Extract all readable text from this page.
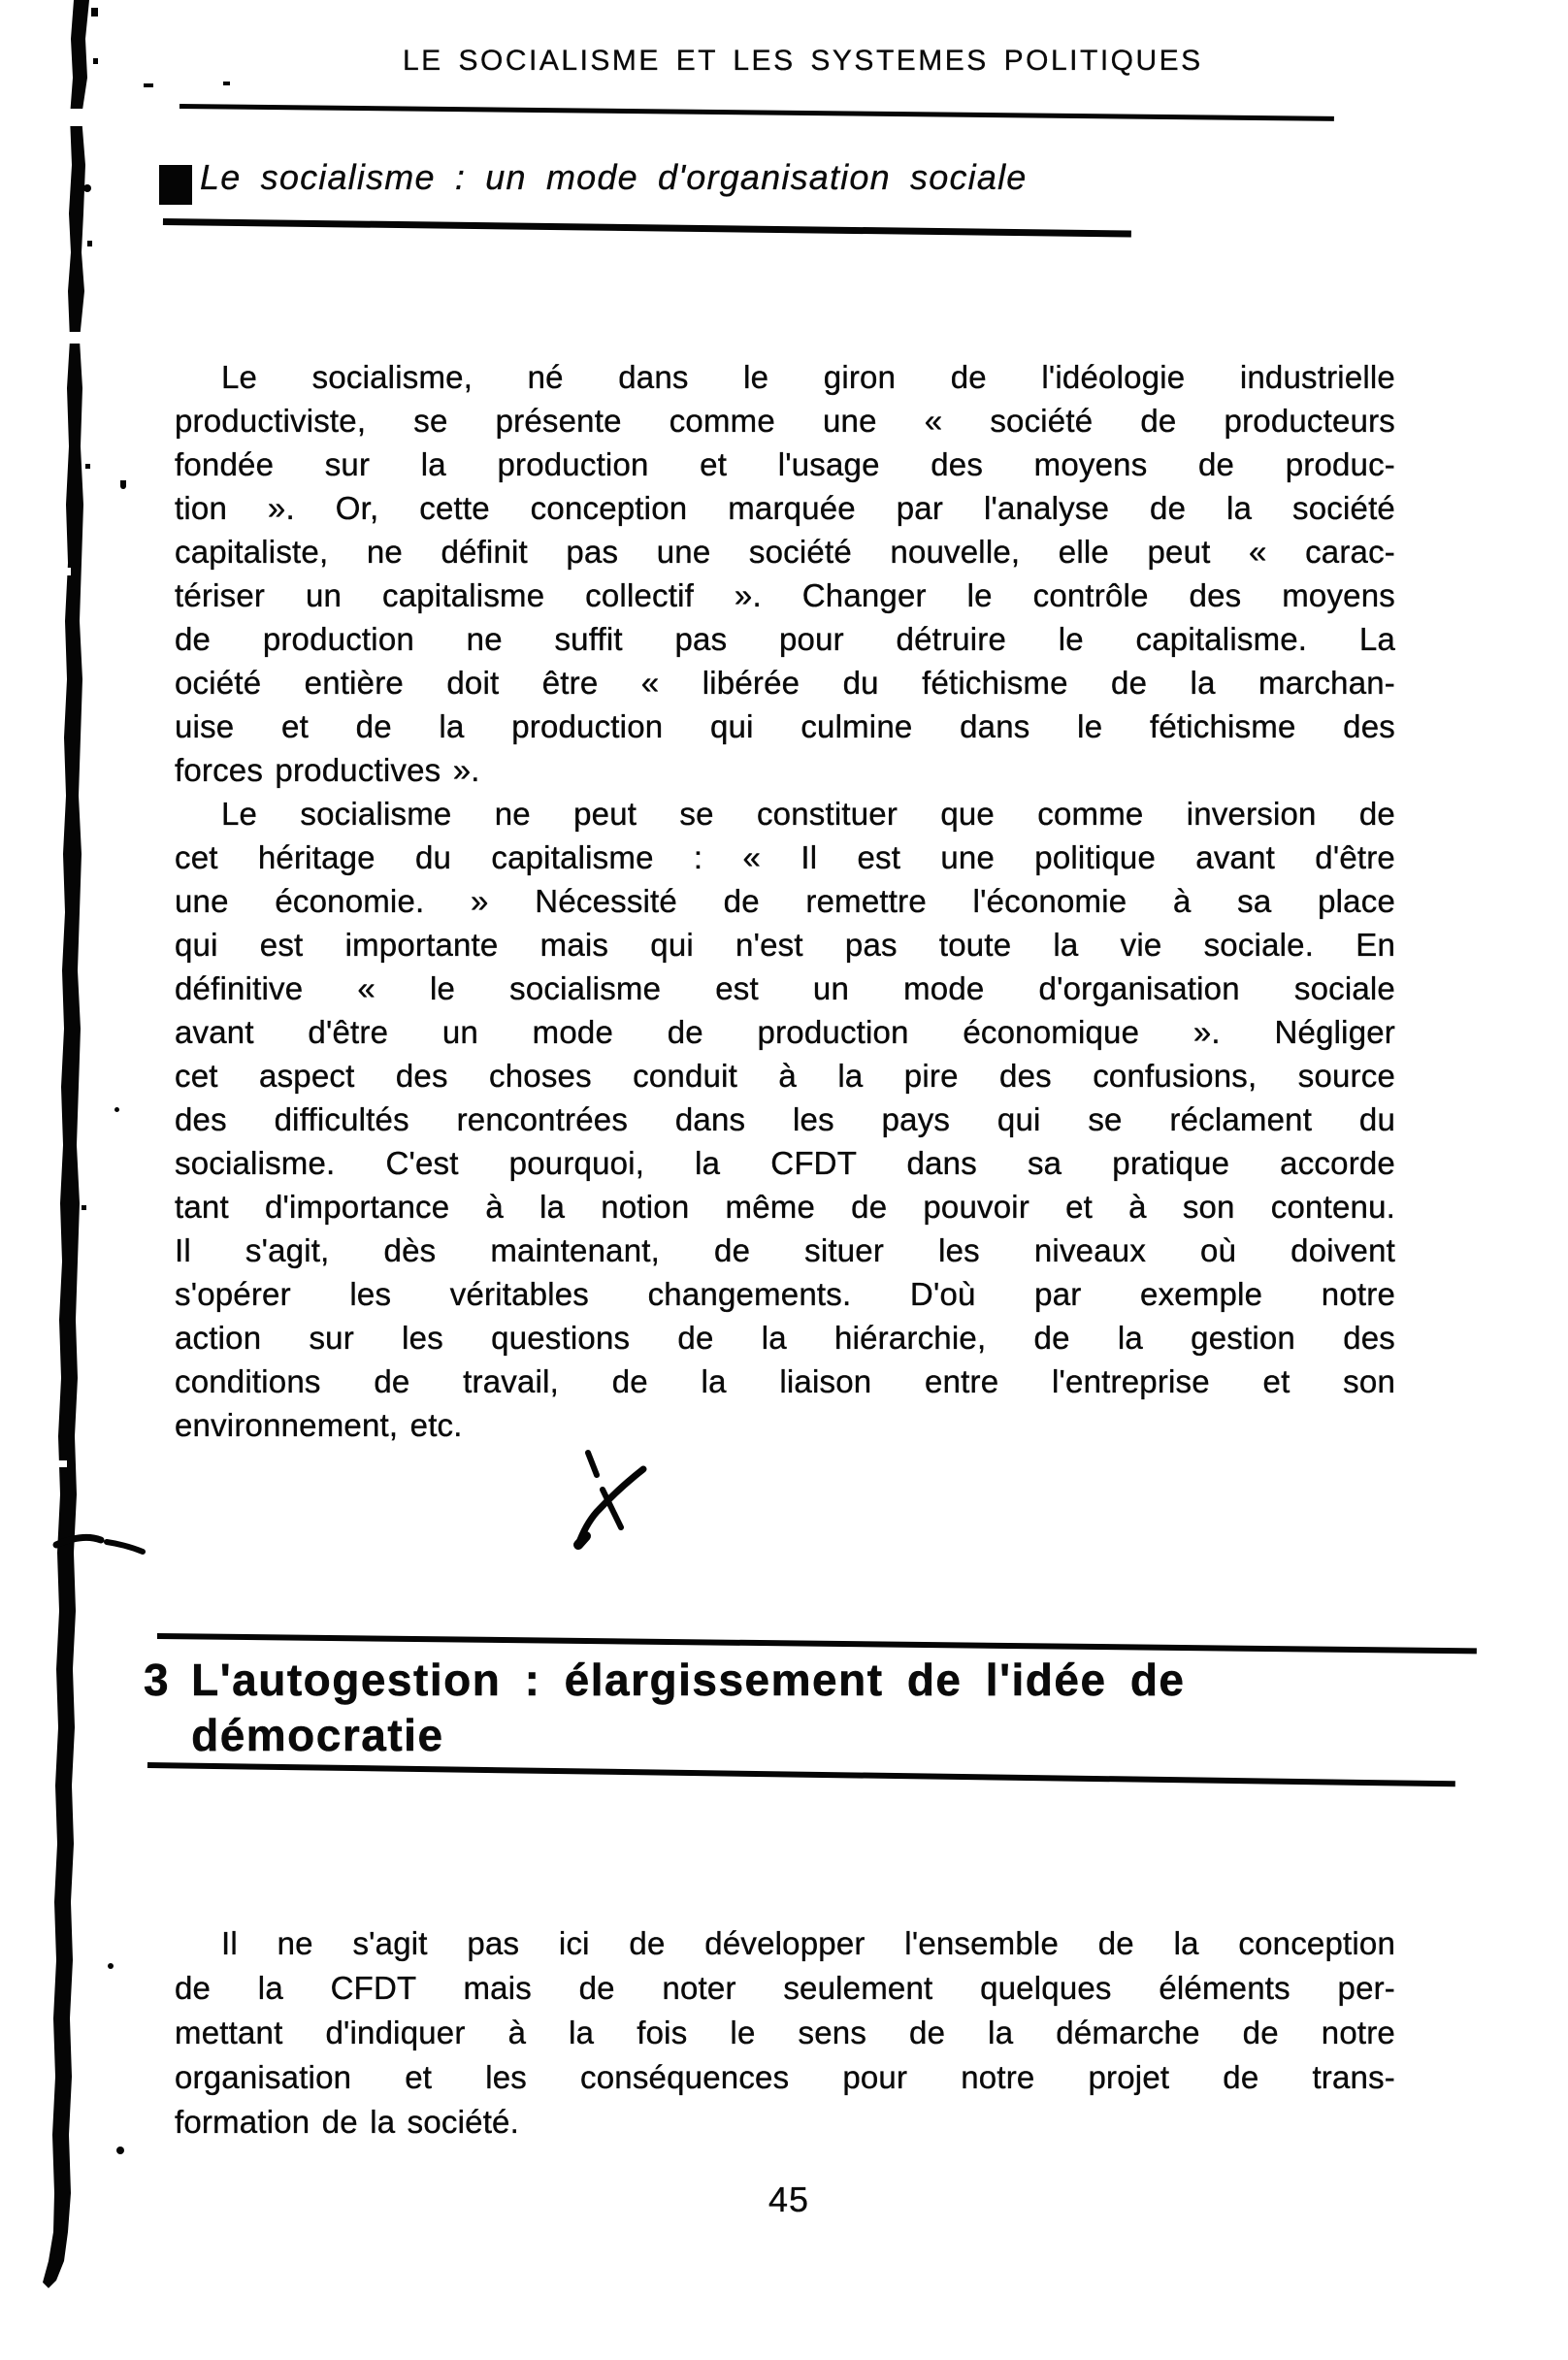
LE SOCIALISME ET LES SYSTEMES POLITIQUES
Le socialisme : un mode d'organisation sociale
Le socialisme, né dans le giron de l'idéologie industrielle
productiviste, se présente comme une « société de producteurs
fondée sur la production et l'usage des moyens de produc-
tion ». Or, cette conception marquée par l'analyse de la société
capitaliste, ne définit pas une société nouvelle, elle peut « carac-
tériser un capitalisme collectif ». Changer le contrôle des moyens
de production ne suffit pas pour détruire le capitalisme. La
ociété entière doit être « libérée du fétichisme de la marchan-
uise et de la production qui culmine dans le fétichisme des
forces productives ».
Le socialisme ne peut se constituer que comme inversion de
cet héritage du capitalisme : « Il est une politique avant d'être
une économie. » Nécessité de remettre l'économie à sa place
qui est importante mais qui n'est pas toute la vie sociale. En
définitive « le socialisme est un mode d'organisation sociale
avant d'être un mode de production économique ». Négliger
cet aspect des choses conduit à la pire des confusions, source
des difficultés rencontrées dans les pays qui se réclament du
socialisme. C'est pourquoi, la CFDT dans sa pratique accorde
tant d'importance à la notion même de pouvoir et à son contenu.
Il s'agit, dès maintenant, de situer les niveaux où doivent
s'opérer les véritables changements. D'où par exemple notre
action sur les questions de la hiérarchie, de la gestion des
conditions de travail, de la liaison entre l'entreprise et son
environnement, etc.
3 L'autogestion : élargissement de l'idée de
démocratie
Il ne s'agit pas ici de développer l'ensemble de la conception
de la CFDT mais de noter seulement quelques éléments per-
mettant d'indiquer à la fois le sens de la démarche de notre
organisation et les conséquences pour notre projet de trans-
formation de la société.
45
